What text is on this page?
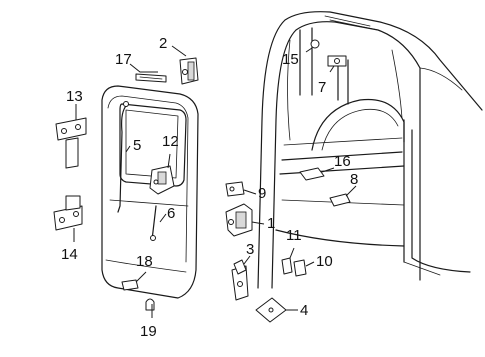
1
2
3
4
5
6
7
8
9
10
11
12
13
14
15
16
17
18
19
